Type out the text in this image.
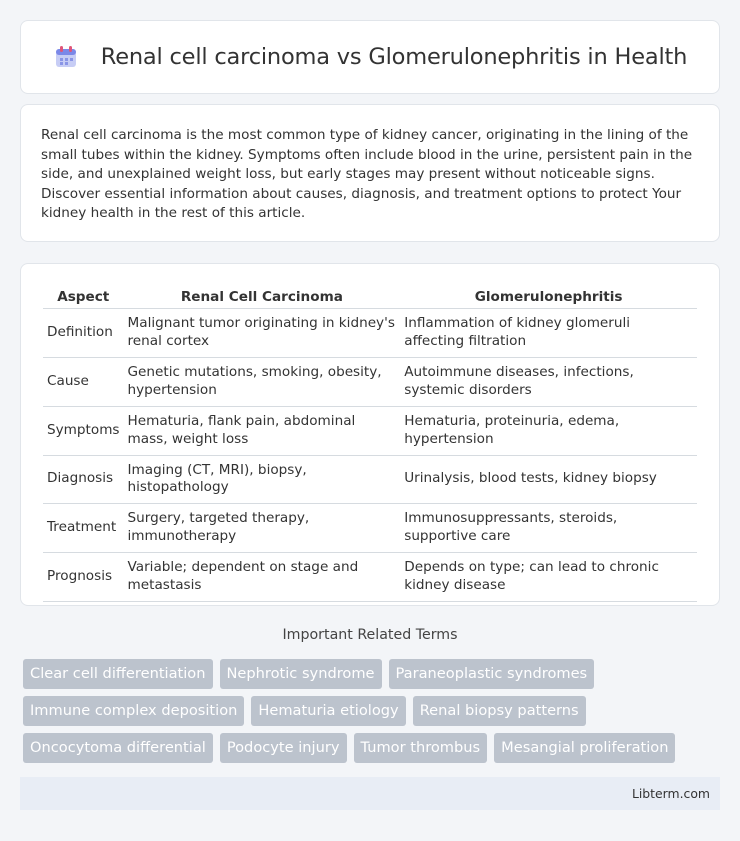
Renal cell carcinoma vs Glomerulonephritis in Health

Renal cell carcinoma is the most common type of kidney cancer, originating in the lining of the small tubes within the kidney. Symptoms often include blood in the urine, persistent pain in the side, and unexplained weight loss, but early stages may present without noticeable signs. Discover essential information about causes, diagnosis, and treatment options to protect Your kidney health in the rest of this article.

Aspect	Renal Cell Carcinoma	Glomerulonephritis
Definition	Malignant tumor originating in kidney's renal cortex	Inflammation of kidney glomeruli affecting filtration
Cause	Genetic mutations, smoking, obesity, hypertension	Autoimmune diseases, infections, systemic disorders
Symptoms	Hematuria, flank pain, abdominal mass, weight loss	Hematuria, proteinuria, edema, hypertension
Diagnosis	Imaging (CT, MRI), biopsy, histopathology	Urinalysis, blood tests, kidney biopsy
Treatment	Surgery, targeted therapy, immunotherapy	Immunosuppressants, steroids, supportive care
Prognosis	Variable; dependent on stage and metastasis	Depends on type; can lead to chronic kidney disease
Important Related Terms
Clear cell differentiation	Nephrotic syndrome	Paraneoplastic syndromes
Immune complex deposition	Hematuria etiology	Renal biopsy patterns
Oncocytoma differential	Podocyte injury	Tumor thrombus	Mesangial proliferation
Libterm.com
